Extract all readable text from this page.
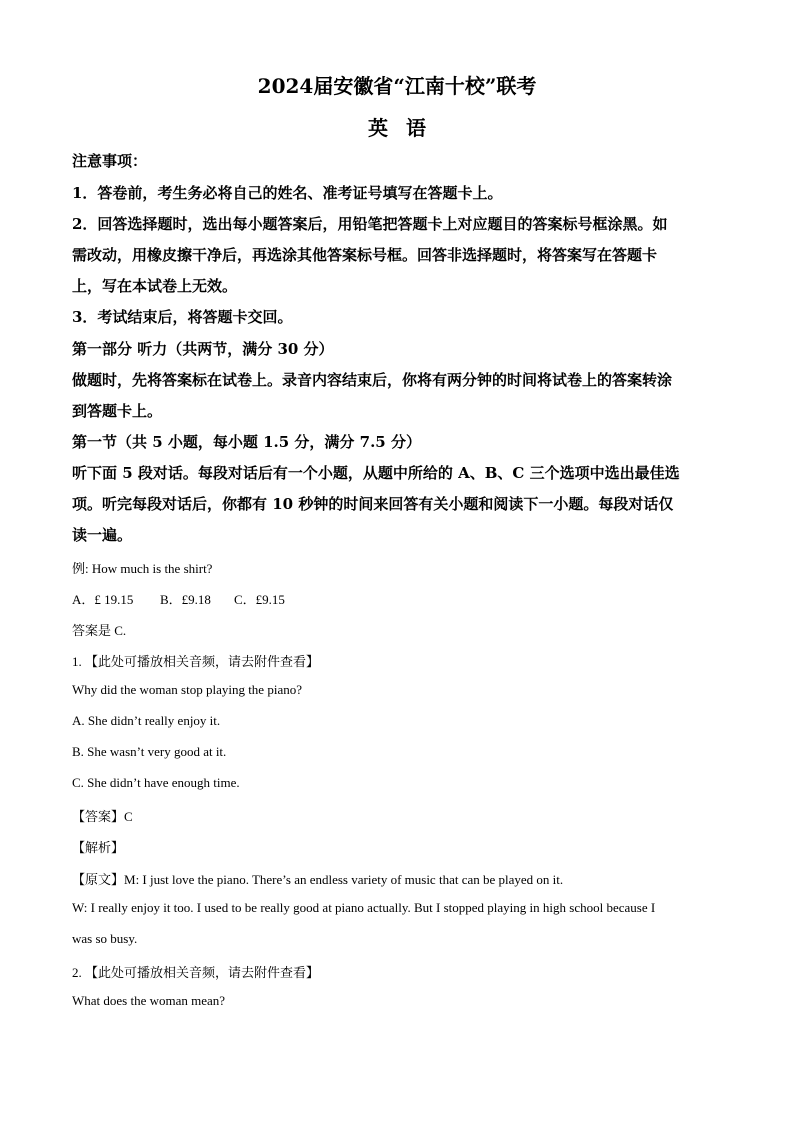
2024届安徽省“江南十校”联考
英语
注意事项：
1．答卷前，考生务必将自己的姓名、准考证号填写在答题卡上。
2．回答选择题时，选出每小题答案后，用铅笔把答题卡上对应题目的答案标号框涂黑。如
需改动，用橡皮擦干净后，再选涂其他答案标号框。回答非选择题时，将答案写在答题卡
上，写在本试卷上无效。
3．考试结束后，将答题卡交回。
第一部分 听力（共两节，满分 30 分）
做题时，先将答案标在试卷上。录音内容结束后，你将有两分钟的时间将试卷上的答案转涂
到答题卡上。
第一节（共 5 小题，每小题 1.5 分，满分 7.5 分）
听下面 5 段对话。每段对话后有一个小题，从题中所给的 A、B、C 三个选项中选出最佳选
项。听完每段对话后，你都有 10 秒钟的时间来回答有关小题和阅读下一小题。每段对话仅
读一遍。
例: How much is the shirt?
A．£ 19.15 B．£9.18 C．£9.15
答案是 C.
1. 【此处可播放相关音频，请去附件查看】
Why did the woman stop playing the piano?
A. She didn’t really enjoy it.
B. She wasn’t very good at it.
C. She didn’t have enough time.
【答案】C
【解析】
【原文】M: I just love the piano. There’s an endless variety of music that can be played on it.
W: I really enjoy it too. I used to be really good at piano actually. But I stopped playing in high school because I
was so busy.
2. 【此处可播放相关音频，请去附件查看】
What does the woman mean?
